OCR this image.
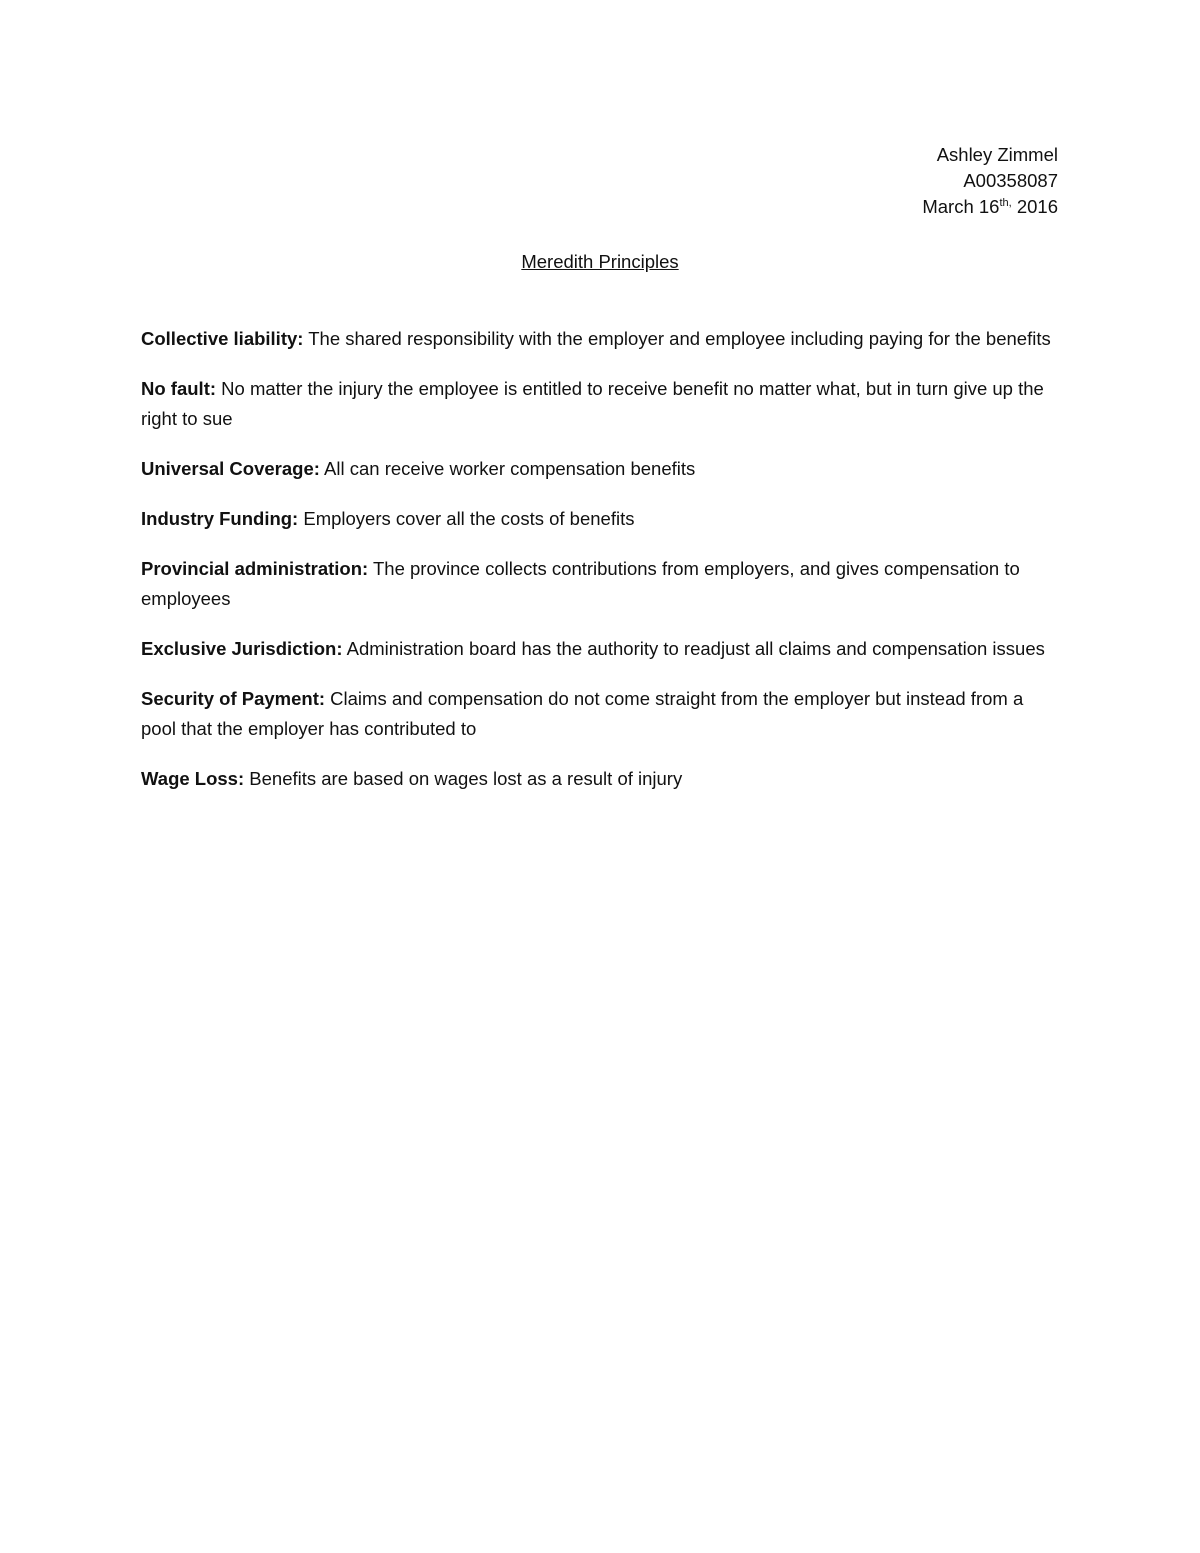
Ashley Zimmel
A00358087
March $16^{th,}$ 2016
Meredith Principles

Collective liability: The shared responsibility with the employer and employee including paying for the benefits

No fault: No matter the injury the employee is entitled to receive benefit no matter what, but in turn give up the right to sue

Universal Coverage: All can receive worker compensation benefits

Industry Funding: Employers cover all the costs of benefits

Provincial administration: The province collects contributions from employers, and gives compensation to employees

Exclusive Jurisdiction: Administration board has the authority to readjust all claims and compensation issues

Security of Payment: Claims and compensation do not come straight from the employer but instead from a pool that the employer has contributed to

Wage Loss: Benefits are based on wages lost as a result of injury
